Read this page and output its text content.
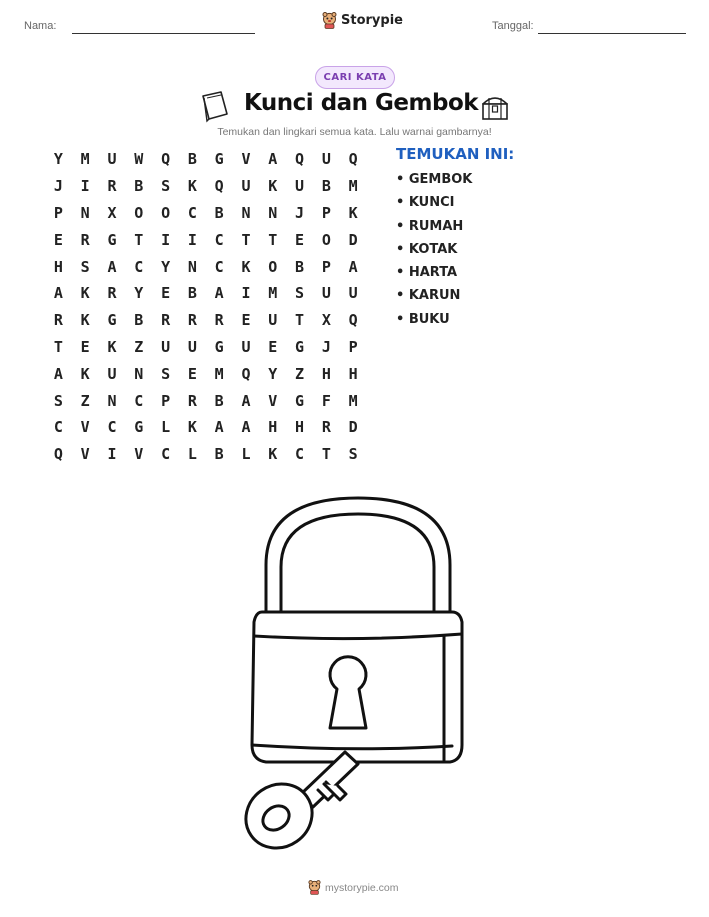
Nama:	Storypie	Tanggal:
CARI KATA
Kunci dan Gembok
Temukan dan lingkari semua kata. Lalu warnai gambarnya!
Y	M	U	W	Q	B	G	V	A	Q	U	Q
J	I	R	B	S	K	Q	U	K	U	B	M
P	N	X	O	O	C	B	N	N	J	P	K
E	R	G	T	I	I	C	T	T	E	O	D
H	S	A	C	Y	N	C	K	O	B	P	A
A	K	R	Y	E	B	A	I	M	S	U	U
R	K	G	B	R	R	R	E	U	T	X	Q
T	E	K	Z	U	U	G	U	E	G	J	P
A	K	U	N	S	E	M	Q	Y	Z	H	H
S	Z	N	C	P	R	B	A	V	G	F	M
C	V	C	G	L	K	A	A	H	H	R	D
Q	V	I	V	C	L	B	L	K	C	T	S
TEMUKAN INI:
• GEMBOK
• KUNCI
• RUMAH
• KOTAK
• HARTA
• KARUN
• BUKU
mystorypie.com
